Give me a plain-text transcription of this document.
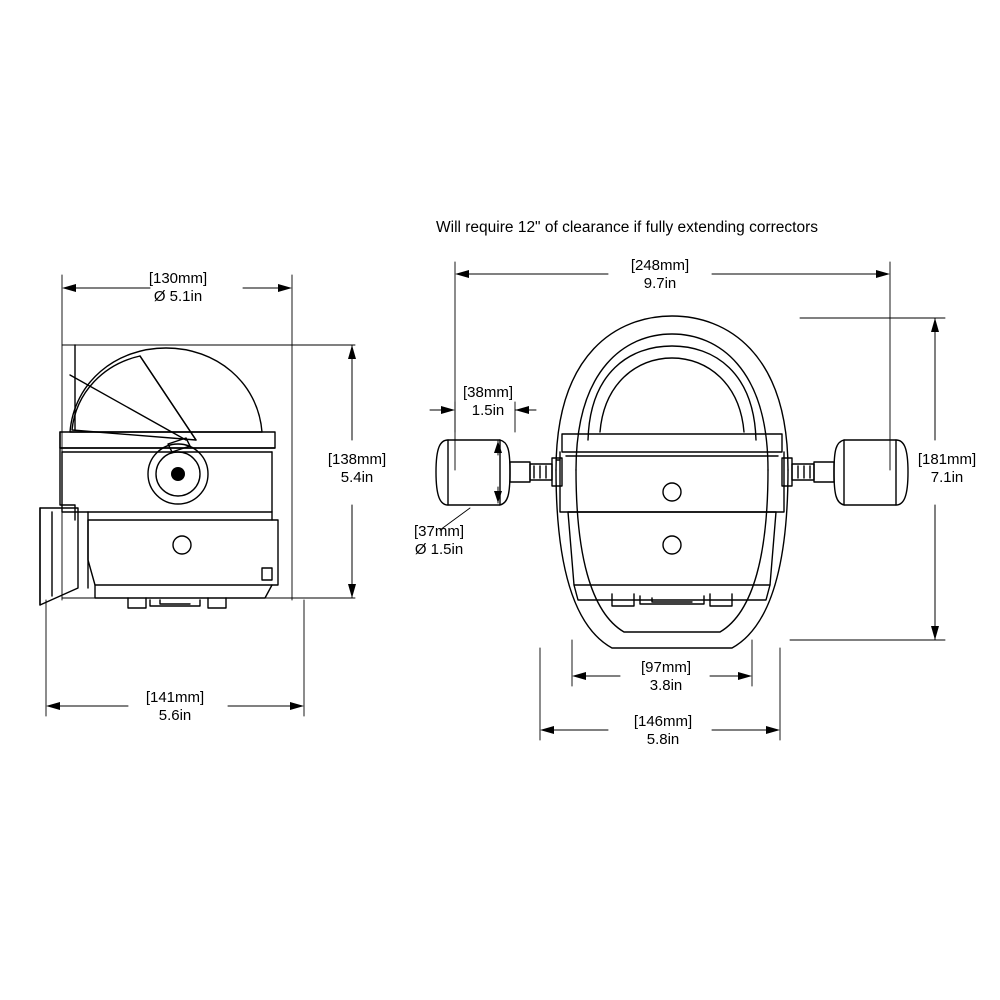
Will require 12" of clearance if fully extending correctors
[130mm]
Ø 5.1in
[138mm]
5.4in
[141mm]
5.6in
[248mm]
9.7in
[38mm]
1.5in
[37mm]
Ø 1.5in
[181mm]
7.1in
[97mm]
3.8in
[146mm]
5.8in
